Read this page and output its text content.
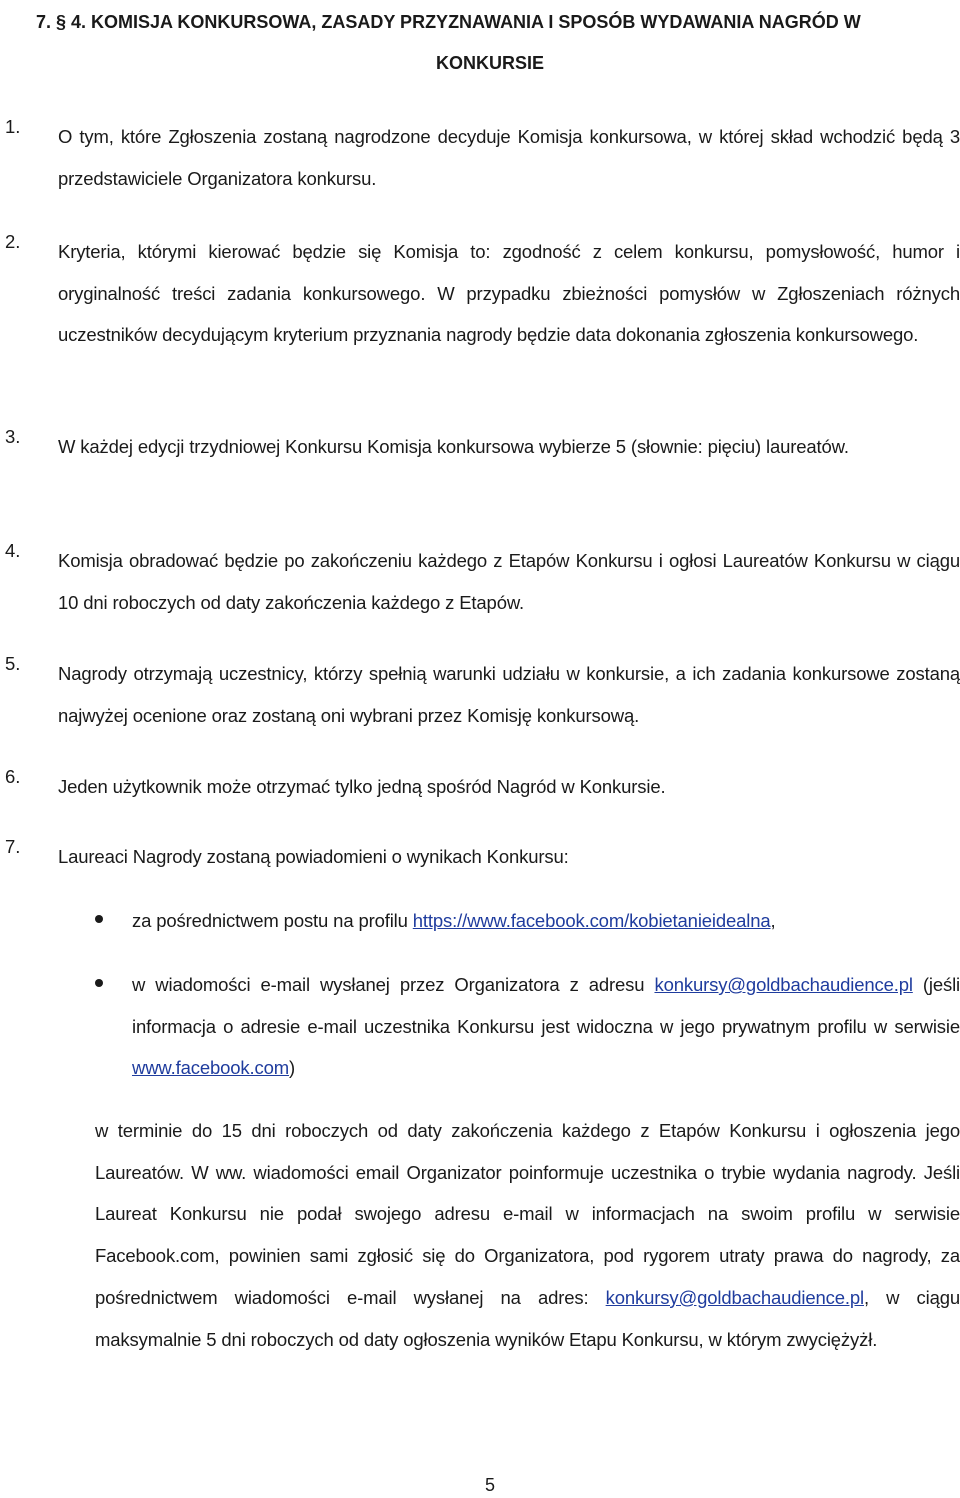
7. § 4. KOMISJA KONKURSOWA, ZASADY PRZYZNAWANIA I SPOSÓB WYDAWANIA NAGRÓD W
KONKURSIE
1. O tym, które Zgłoszenia zostaną nagrodzone decyduje Komisja konkursowa, w której skład wchodzić będą 3 przedstawiciele Organizatora konkursu.
2. Kryteria, którymi kierować będzie się Komisja to: zgodność z celem konkursu, pomysłowość, humor i oryginalność treści zadania konkursowego. W przypadku zbieżności pomysłów w Zgłoszeniach różnych uczestników decydującym kryterium przyznania nagrody będzie data dokonania zgłoszenia konkursowego.
3. W każdej edycji trzydniowej Konkursu Komisja konkursowa wybierze 5 (słownie: pięciu) laureatów.
4. Komisja obradować będzie po zakończeniu każdego z Etapów Konkursu i ogłosi Laureatów Konkursu w ciągu 10 dni roboczych od daty zakończenia każdego z Etapów.
5. Nagrody otrzymają uczestnicy, którzy spełnią warunki udziału w konkursie, a ich zadania konkursowe zostaną najwyżej ocenione oraz zostaną oni wybrani przez Komisję konkursową.
6. Jeden użytkownik może otrzymać tylko jedną spośród Nagród w Konkursie.
7. Laureaci Nagrody zostaną powiadomieni o wynikach Konkursu:
za pośrednictwem postu na profilu https://www.facebook.com/kobietanieidealna,
w wiadomości e-mail wysłanej przez Organizatora z adresu konkursy@goldbachaudience.pl (jeśli informacja o adresie e-mail uczestnika Konkursu jest widoczna w jego prywatnym profilu w serwisie www.facebook.com)
w terminie do 15 dni roboczych od daty zakończenia każdego z Etapów Konkursu i ogłoszenia jego Laureatów. W ww. wiadomości email Organizator poinformuje uczestnika o trybie wydania nagrody. Jeśli Laureat Konkursu nie podał swojego adresu e-mail w informacjach na swoim profilu w serwisie Facebook.com, powinien sami zgłosić się do Organizatora, pod rygorem utraty prawa do nagrody, za pośrednictwem wiadomości e-mail wysłanej na adres: konkursy@goldbachaudience.pl, w ciągu maksymalnie 5 dni roboczych od daty ogłoszenia wyników Etapu Konkursu, w którym zwyciężyżł.
5
